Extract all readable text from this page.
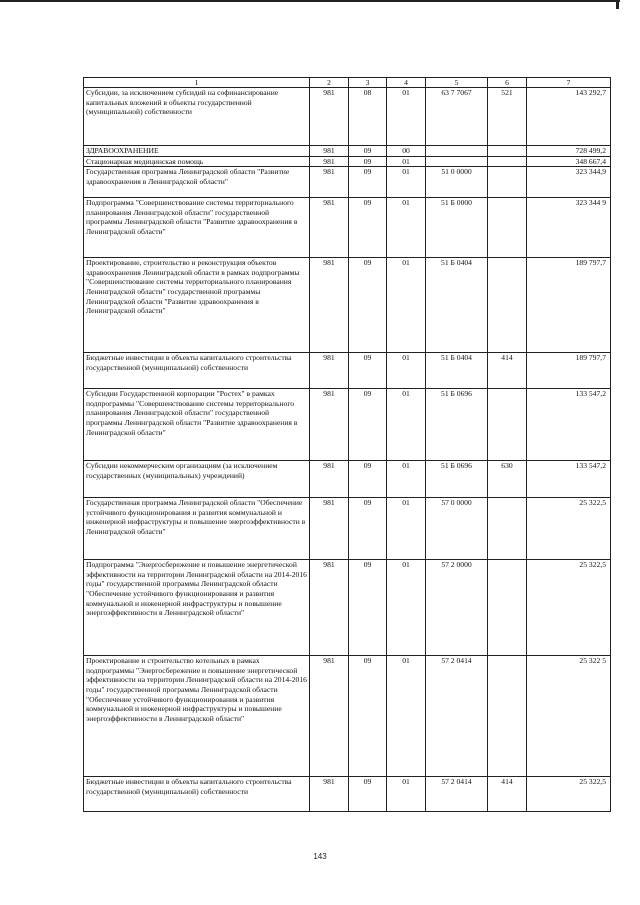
1	2	3	4	5	6	7
Субсидии, за исключением субсидий на софинансирование капитальных вложений в объекты государственной (муниципальной) собственности	981	08	01	63 7 7067	521	143 292,7
ЗДРАВООХРАНЕНИЕ	981	09	00			728 499,2
Стационарная медицинская помощь	981	09	01			348 667,4
Государственная программа Ленинградской области "Развитие здравоохранения в Ленинградской области"	981	09	01	51 0 0000		323 344,9
Подпрограмма "Совершенствование системы территориального планирования Ленинградской области" государственной программы Ленинградской области "Развитие здравоохранения в Ленинградской области"	981	09	01	51 Б 0000		323 344 9
Проектирование, строительство и реконструкция объектов здравоохранения Ленинградской области в рамках подпрограммы "Совершенствование системы территориального планирования Ленинградской области" государственной программы Ленинградской области "Развитие здравоохранения в Ленинградской области"	981	09	01	51 Б 0404		189 797,7
Бюджетные инвестиции в объекты капитального строительства государственной (муниципальной) собственности	981	09	01	51 Б 0404	414	189 797,7
Субсидии Государственной корпорации "Ростех" в рамках подпрограммы "Совершенствование системы территориального планирования Ленинградской области" государственной программы Ленинградской области "Развитие здравоохранения в Ленинградской области"	981	09	01	51 Б 0696		133 547,2
Субсидии некоммерческим организациям (за исключением государственных (муниципальных) учреждений)	981	09	01	51 Б 0696	630	133 547,2
Государственная программа Ленинградской области "Обеспечение устойчивого функционирования и развития коммунальной и инженерной инфраструктуры и повышение энергоэффективности в Ленинградской области"	981	09	01	57 0 0000		25 322,5
Подпрограмма "Энергосбережение и повышение энергетической эффективности на территории Ленинградской области на 2014-2016 годы" государственной программы Ленинградской области "Обеспечение устойчивого функционирования и развития коммунальной и инженерной инфраструктуры и повышение энергоэффективности в Ленинградской области"	981	09	01	57 2 0000		25 322,5
Проектирование и строительство котельных в рамках подпрограммы "Энергосбережение и повышение энергетической эффективности на территории Ленинградской области на 2014-2016 годы" государственной программы Ленинградской области "Обеспечение устойчивого функционирования и развития коммунальной и инженерной инфраструктуры и повышение энергоэффективности в Ленинградской области"	981	09	01	57 2 0414		25 322 5
Бюджетные инвестиции в объекты капитального строительства государственной (муниципальной) собственности	981	09	01	57 2 0414	414	25 322,5
143
